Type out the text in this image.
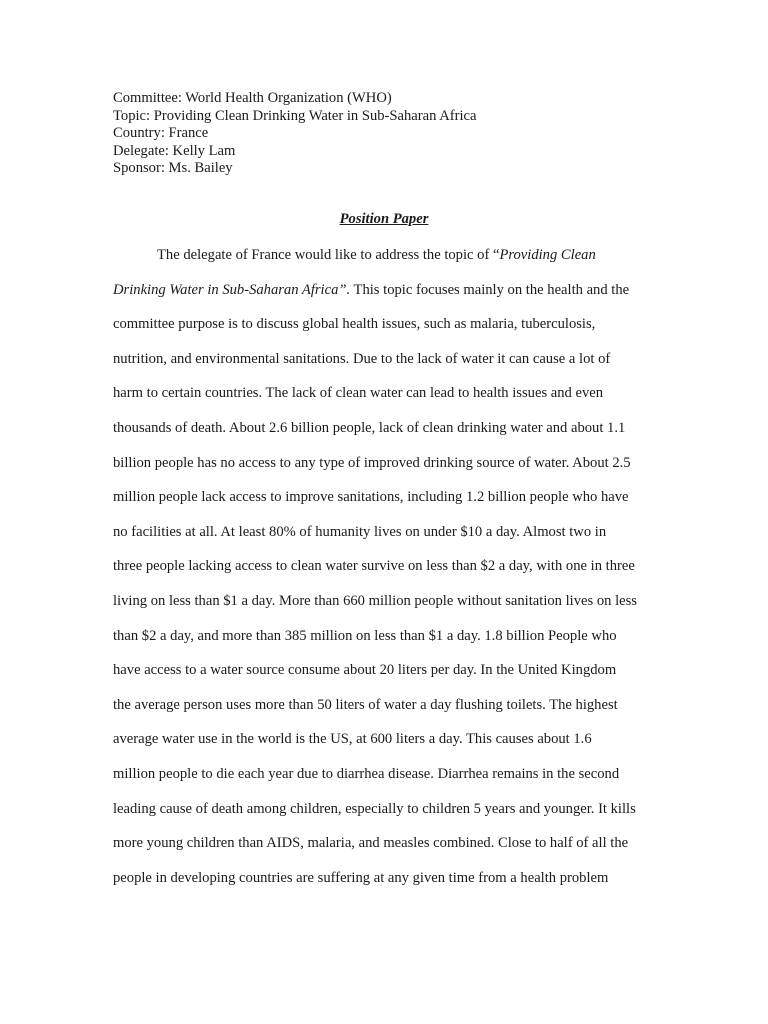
Committee: World Health Organization (WHO)
Topic: Providing Clean Drinking Water in Sub-Saharan Africa
Country: France
Delegate: Kelly Lam
Sponsor: Ms. Bailey
Position Paper
The delegate of France would like to address the topic of “Providing Clean
Drinking Water in Sub-Saharan Africa”. This topic focuses mainly on the health and the
committee purpose is to discuss global health issues, such as malaria, tuberculosis,
nutrition, and environmental sanitations. Due to the lack of water it can cause a lot of
harm to certain countries. The lack of clean water can lead to health issues and even
thousands of death. About 2.6 billion people, lack of clean drinking water and about 1.1
billion people has no access to any type of improved drinking source of water. About 2.5
million people lack access to improve sanitations, including 1.2 billion people who have
no facilities at all. At least 80% of humanity lives on under $10 a day. Almost two in
three people lacking access to clean water survive on less than $2 a day, with one in three
living on less than $1 a day. More than 660 million people without sanitation lives on less
than $2 a day, and more than 385 million on less than $1 a day. 1.8 billion People who
have access to a water source consume about 20 liters per day. In the United Kingdom
the average person uses more than 50 liters of water a day flushing toilets. The highest
average water use in the world is the US, at 600 liters a day. This causes about 1.6
million people to die each year due to diarrhea disease. Diarrhea remains in the second
leading cause of death among children, especially to children 5 years and younger. It kills
more young children than AIDS, malaria, and measles combined. Close to half of all the
people in developing countries are suffering at any given time from a health problem
